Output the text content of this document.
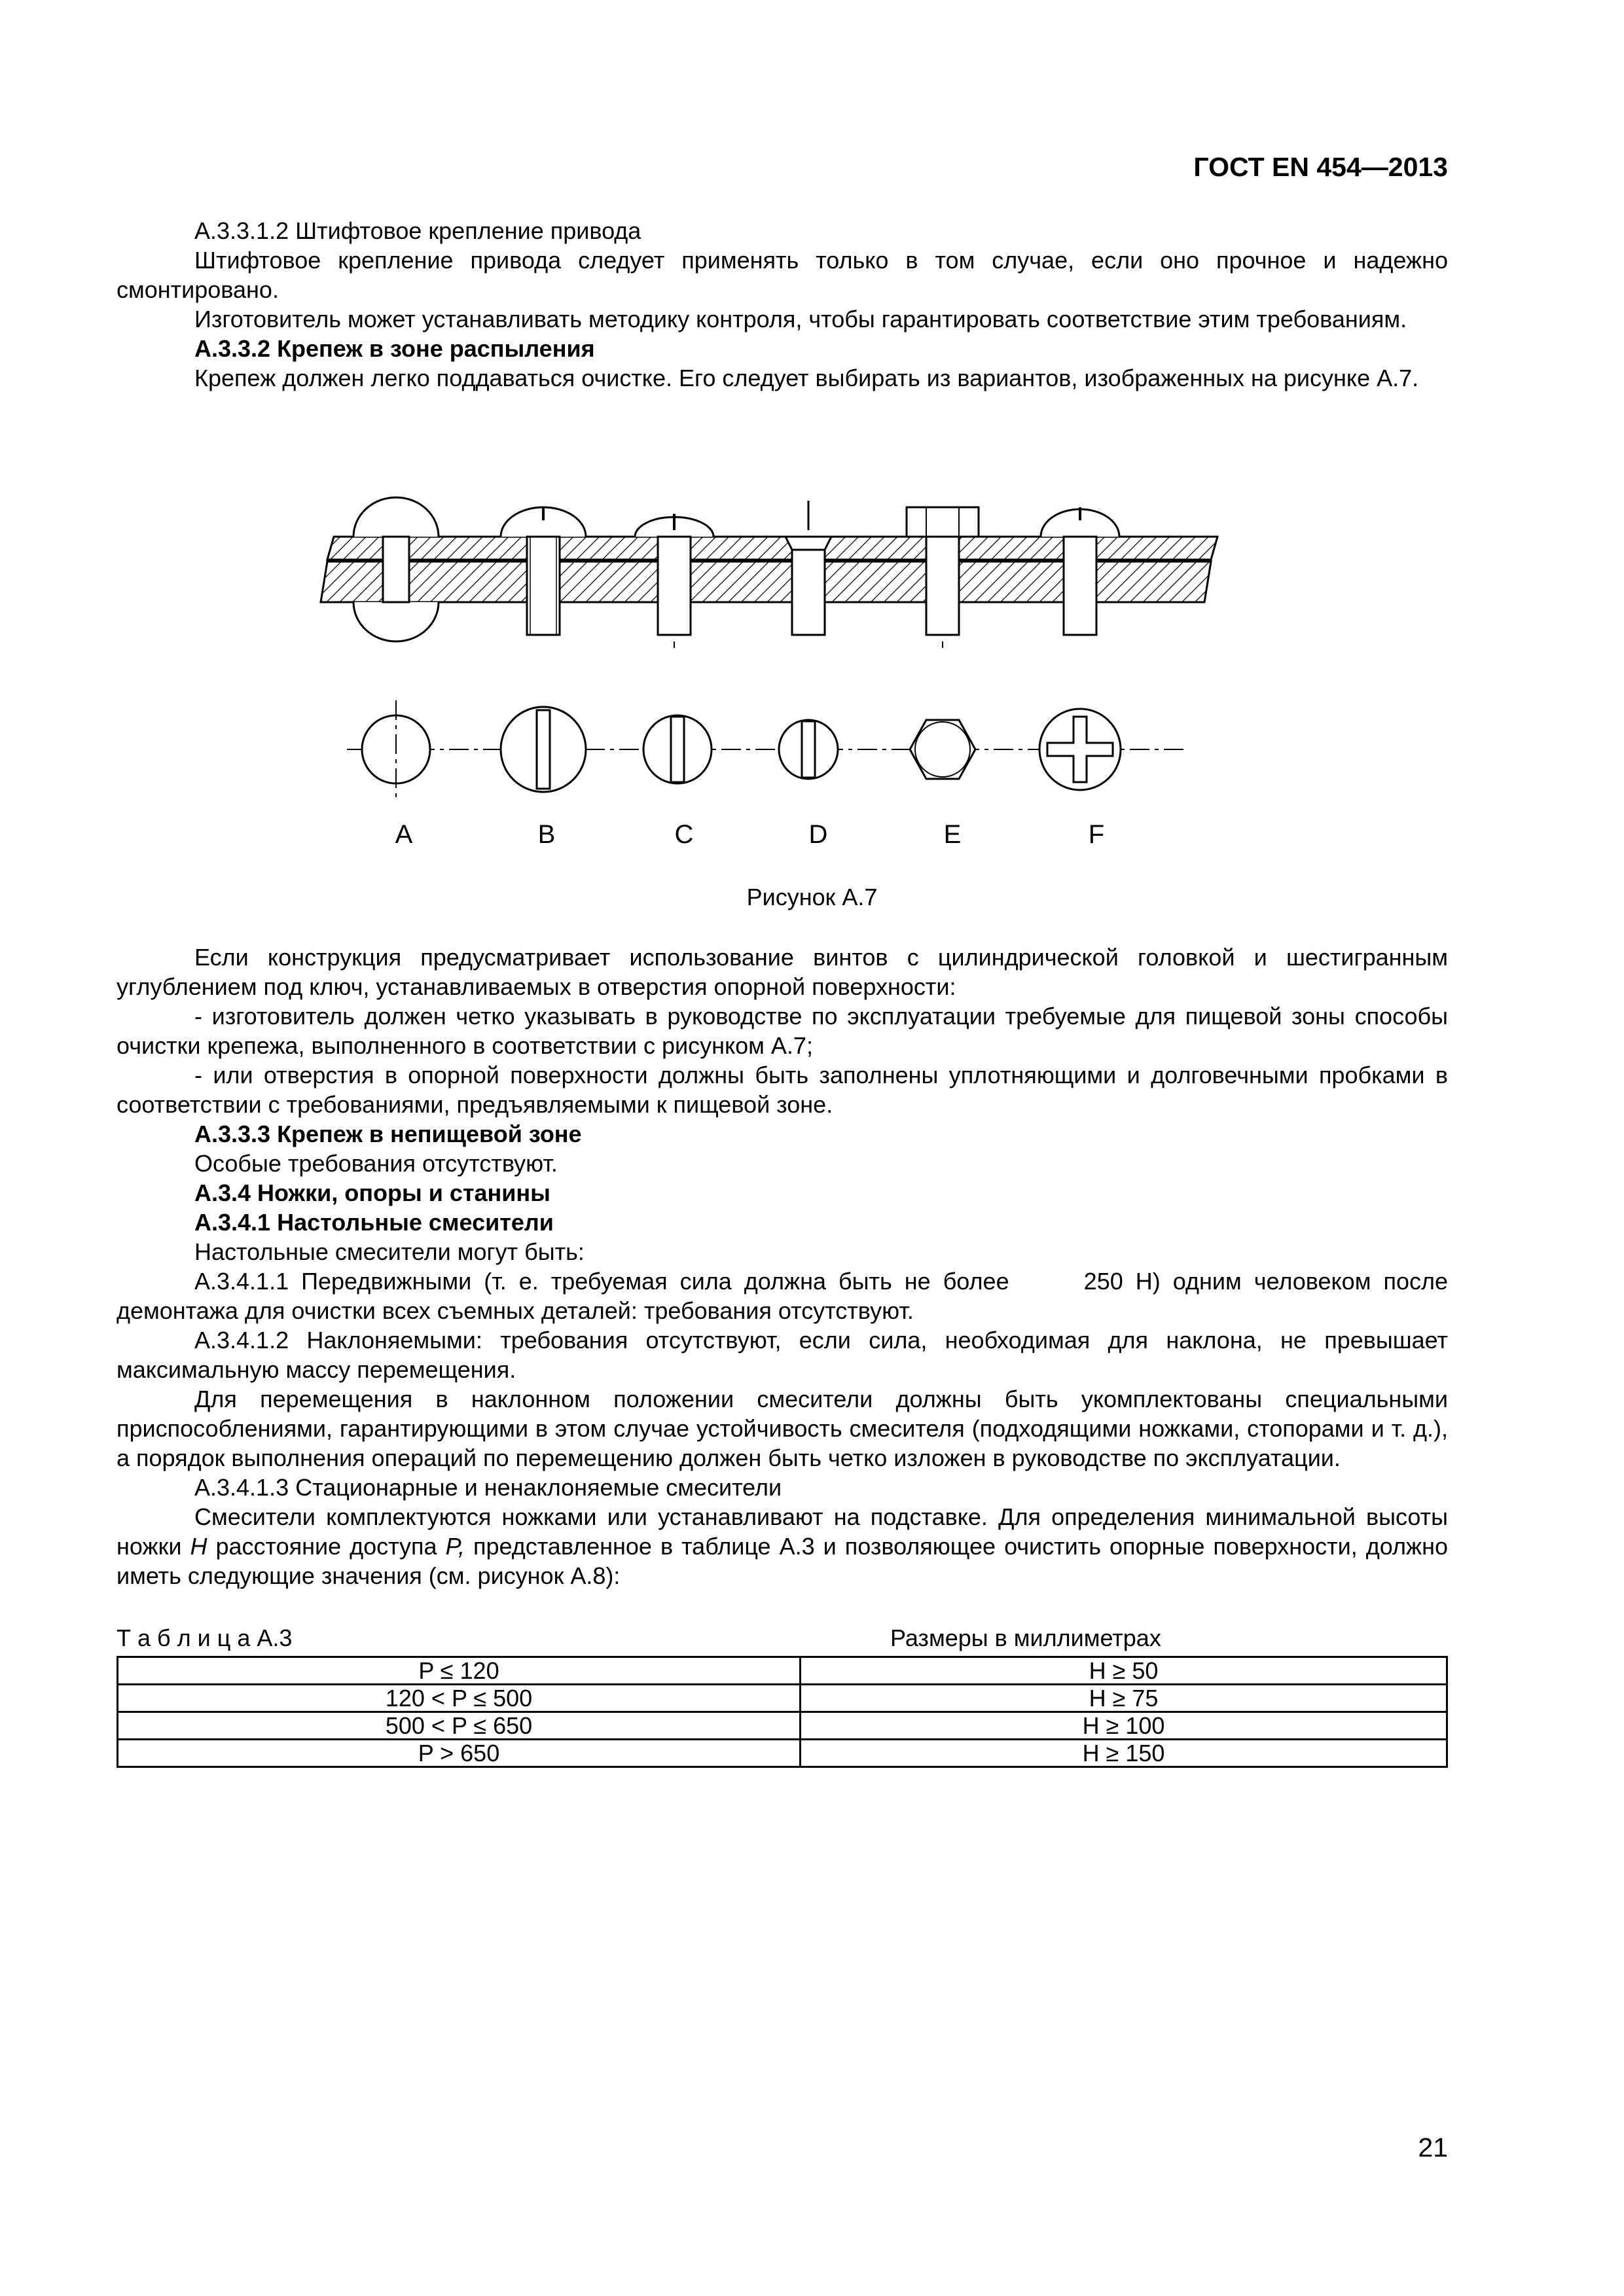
ГОСТ EN 454—2013

А.3.3.1.2 Штифтовое крепление привода

Штифтовое крепление привода следует применять только в том случае, если оно прочное и надежно смонтировано.

Изготовитель может устанавливать методику контроля, чтобы гарантировать соответствие этим требованиям.

А.3.3.2 Крепеж в зоне распыления

Крепеж должен легко поддаваться очистке. Его следует выбирать из вариантов, изображенных на рисунке А.7.

A	B	C	D	E	F
Рисунок А.7

Если конструкция предусматривает использование винтов с цилиндрической головкой и шестигранным углублением под ключ, устанавливаемых в отверстия опорной поверхности:

- изготовитель должен четко указывать в руководстве по эксплуатации требуемые для пищевой зоны способы очистки крепежа, выполненного в соответствии с рисунком А.7;

- или отверстия в опорной поверхности должны быть заполнены уплотняющими и долговечными пробками в соответствии с требованиями, предъявляемыми к пищевой зоне.

А.3.3.3 Крепеж в непищевой зоне

Особые требования отсутствуют.

А.3.4 Ножки, опоры и станины

А.3.4.1 Настольные смесители

Настольные смесители могут быть:

А.3.4.1.1 Передвижными (т. е. требуемая сила должна быть не более      250 Н) одним человеком после демонтажа для очистки всех съемных деталей: требования отсутствуют.

А.3.4.1.2 Наклоняемыми: требования отсутствуют, если сила, необходимая для наклона, не превышает максимальную массу перемещения.

Для перемещения в наклонном положении смесители должны быть укомплектованы специальными приспособлениями, гарантирующими в этом случае устойчивость смесителя (подходящими ножками, стопорами и т. д.), а порядок выполнения операций по перемещению должен быть четко изложен в руководстве по эксплуатации.

А.3.4.1.3 Стационарные и ненаклоняемые смесители

Смесители комплектуются ножками или устанавливают на подставке. Для определения минимальной высоты ножки H расстояние доступа P, представленное в таблице А.3 и позволяющее очистить опорные поверхности, должно иметь следующие значения (см. рисунок А.8):

Т а б л и ц а А.3	Размеры в миллиметрах
P ≤ 120	H ≥ 50
120 < P ≤ 500	H ≥ 75
500 < P ≤ 650	H ≥ 100
P > 650	H ≥ 150
21
